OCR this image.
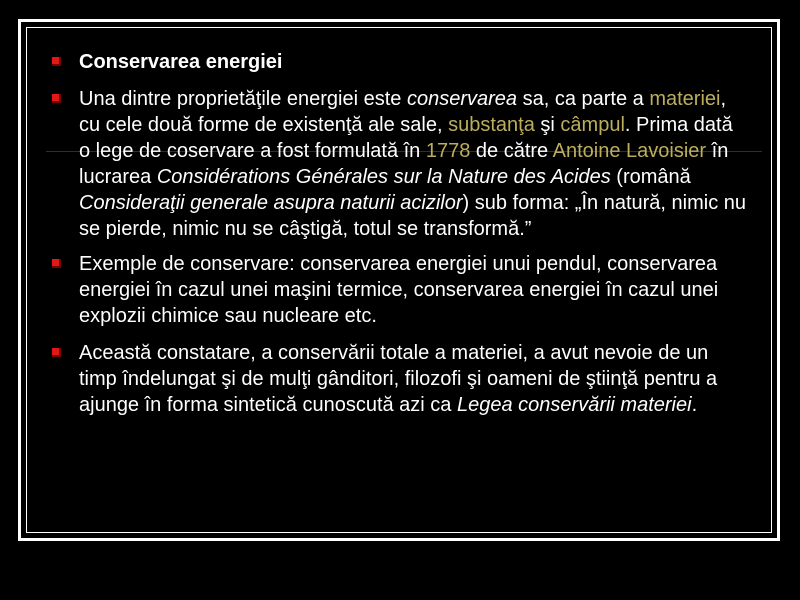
Conservarea energiei
Una dintre proprietăţile energiei este conservarea sa, ca parte a materiei, cu cele două forme de existenţă ale sale, substanţa şi câmpul. Prima dată o lege de coservare a fost formulată în 1778 de către Antoine Lavoisier în lucrarea Considérations Générales sur la Nature des Acides (română Consideraţii generale asupra naturii acizilor) sub forma: „În natură, nimic nu se pierde, nimic nu se câştigă, totul se transformă.”
Exemple de conservare: conservarea energiei unui pendul, conservarea energiei în cazul unei maşini termice, conservarea energiei în cazul unei explozii chimice sau nucleare etc.
Această constatare, a conservării totale a materiei, a avut nevoie de un timp îndelungat şi de mulţi gânditori, filozofi şi oameni de ştiinţă pentru a ajunge în forma sintetică cunoscută azi ca Legea conservării materiei.
